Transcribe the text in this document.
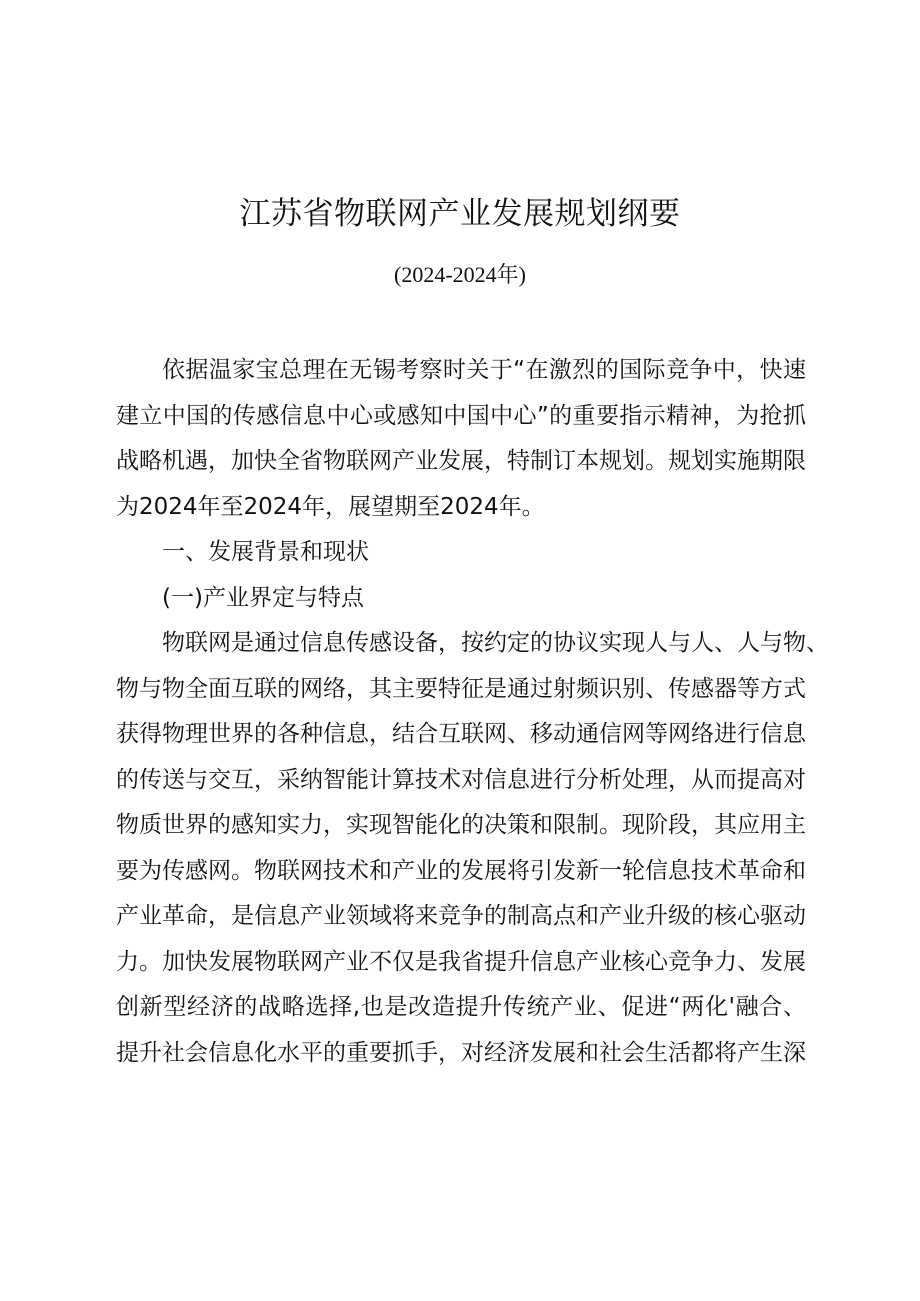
江苏省物联网产业发展规划纲要
(2024-2024年)
依据温家宝总理在无锡考察时关于“在激烈的国际竞争中，快速
建立中国的传感信息中心或感知中国中心”的重要指示精神，为抢抓
战略机遇，加快全省物联网产业发展，特制订本规划。规划实施期限
为2024年至2024年，展望期至2024年。
一、发展背景和现状
(一)产业界定与特点
物联网是通过信息传感设备，按约定的协议实现人与人、人与物、
物与物全面互联的网络，其主要特征是通过射频识别、传感器等方式
获得物理世界的各种信息，结合互联网、移动通信网等网络进行信息
的传送与交互，采纳智能计算技术对信息进行分析处理，从而提高对
物质世界的感知实力，实现智能化的决策和限制。现阶段，其应用主
要为传感网。物联网技术和产业的发展将引发新一轮信息技术革命和
产业革命，是信息产业领域将来竞争的制高点和产业升级的核心驱动
力。加快发展物联网产业不仅是我省提升信息产业核心竞争力、发展
创新型经济的战略选择,也是改造提升传统产业、促进“两化'融合、
提升社会信息化水平的重要抓手，对经济发展和社会生活都将产生深
